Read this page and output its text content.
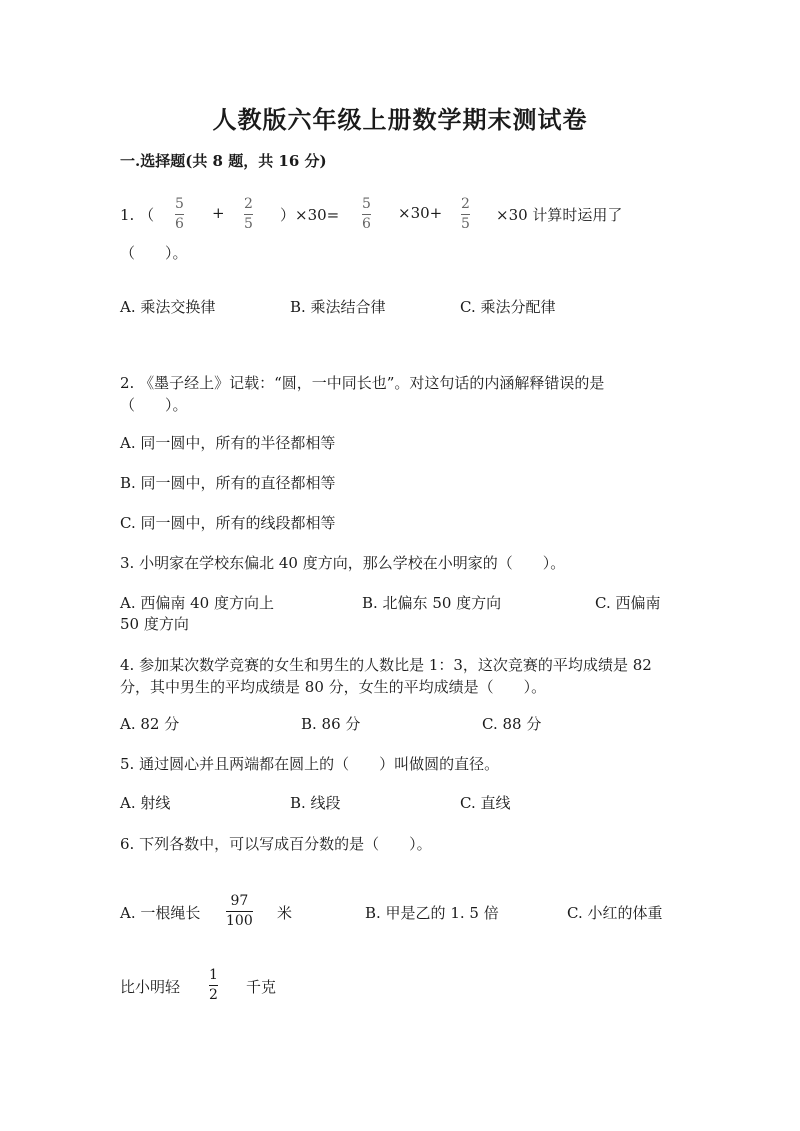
人教版六年级上册数学期末测试卷
一.选择题(共 8 题，共 16 分)
1. （
5
6
+ 2
5 ）×30=
5
6
×30+ 2
5 ×30 计算时运用了
（　　）。
A. 乘法交换律	B. 乘法结合律	C. 乘法分配律
2. 《墨子经上》记载：“圆，一中同长也”。对这句话的内涵解释错误的是
（　　）。
A. 同一圆中，所有的半径都相等
B. 同一圆中，所有的直径都相等
C. 同一圆中，所有的线段都相等
3. 小明家在学校东偏北 40 度方向，那么学校在小明家的（　　）。
A. 西偏南 40 度方向上	B. 北偏东 50 度方向	C. 西偏南
50 度方向
4. 参加某次数学竞赛的女生和男生的人数比是 1：3，这次竞赛的平均成绩是 82
分，其中男生的平均成绩是 80 分，女生的平均成绩是（　　）。
A. 82 分	B. 86 分	C. 88 分
5. 通过圆心并且两端都在圆上的（　　）叫做圆的直径。
A. 射线	B. 线段	C. 直线
6. 下列各数中，可以写成百分数的是（　　）。
A. 一根绳长
97
100 米	B. 甲是乙的 1. 5 倍	C. 小红的体重
比小明轻
1
2 千克
